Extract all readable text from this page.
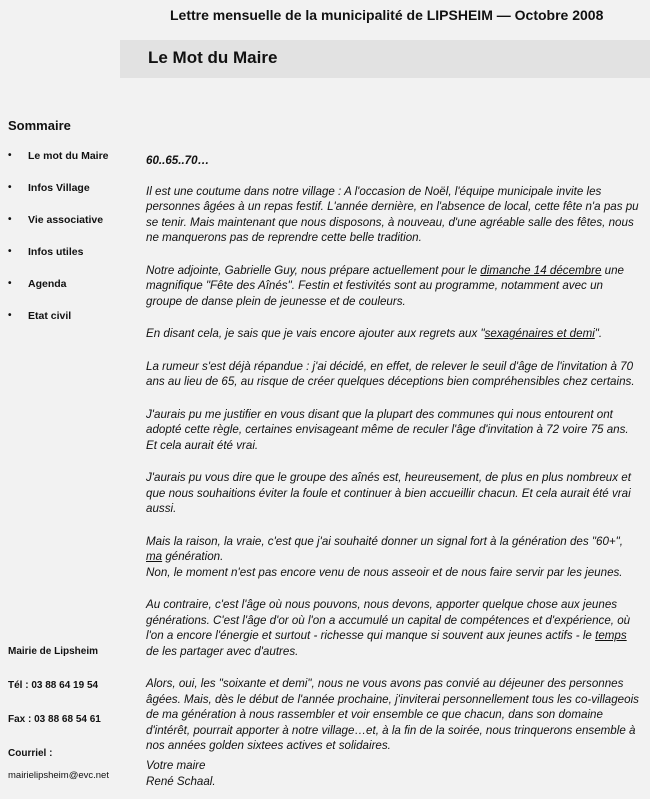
Lettre mensuelle de la municipalité de LIPSHEIM — Octobre 2008
Le Mot du Maire
Sommaire
• Le mot du Maire
• Infos Village
• Vie associative
• Infos utiles
• Agenda
• Etat civil
Mairie de Lipsheim
Tél : 03 88 64 19 54
Fax : 03 88 68 54 61
Courriel :
mairielipsheim@evc.net

60..65..70…

Il est une coutume dans notre village : A l'occasion de Noël, l'équipe municipale invite les personnes âgées à un repas festif. L'année dernière, en l'absence de local, cette fête n'a pas pu se tenir. Mais maintenant que nous disposons, à nouveau, d'une agréable salle des fêtes, nous ne manquerons pas de reprendre cette belle tradition.

Notre adjointe, Gabrielle Guy, nous prépare actuellement pour le dimanche 14 décembre une magnifique "Fête des Aînés". Festin et festivités sont au programme, notamment avec un groupe de danse plein de jeunesse et de couleurs.

En disant cela, je sais que je vais encore ajouter aux regrets aux "sexagénaires et demi".

La rumeur s'est déjà répandue : j'ai décidé, en effet, de relever le seuil d'âge de l'invitation à 70 ans au lieu de 65, au risque de créer quelques déceptions bien compréhensibles chez certains.

J'aurais pu me justifier en vous disant que la plupart des communes qui nous entourent ont adopté cette règle, certaines envisageant même de reculer l'âge d'invitation à 72 voire 75 ans. Et cela aurait été vrai.

J'aurais pu vous dire que le groupe des aînés est, heureusement, de plus en plus nombreux et que nous souhaitions éviter la foule et continuer à bien accueillir chacun. Et cela aurait été vrai aussi.

Mais la raison, la vraie, c'est que j'ai souhaité donner un signal fort à la génération des "60+", ma génération.
Non, le moment n'est pas encore venu de nous asseoir et de nous faire servir par les jeunes.

Au contraire, c'est l'âge où nous pouvons, nous devons, apporter quelque chose aux jeunes générations. C'est l'âge d'or où l'on a accumulé un capital de compétences et d'expérience, où l'on a encore l'énergie et surtout - richesse qui manque si souvent aux jeunes actifs - le temps de les partager avec d'autres.

Alors, oui, les "soixante et demi", nous ne vous avons pas convié au déjeuner des personnes âgées. Mais, dès le début de l'année prochaine, j'inviterai personnellement tous les co-villageois de ma génération à nous rassembler et voir ensemble ce que chacun, dans son domaine d'intérêt, pourrait apporter à notre village…et, à la fin de la soirée, nous trinquerons ensemble à nos années golden sixtees actives et solidaires.

Votre maire
René Schaal.
